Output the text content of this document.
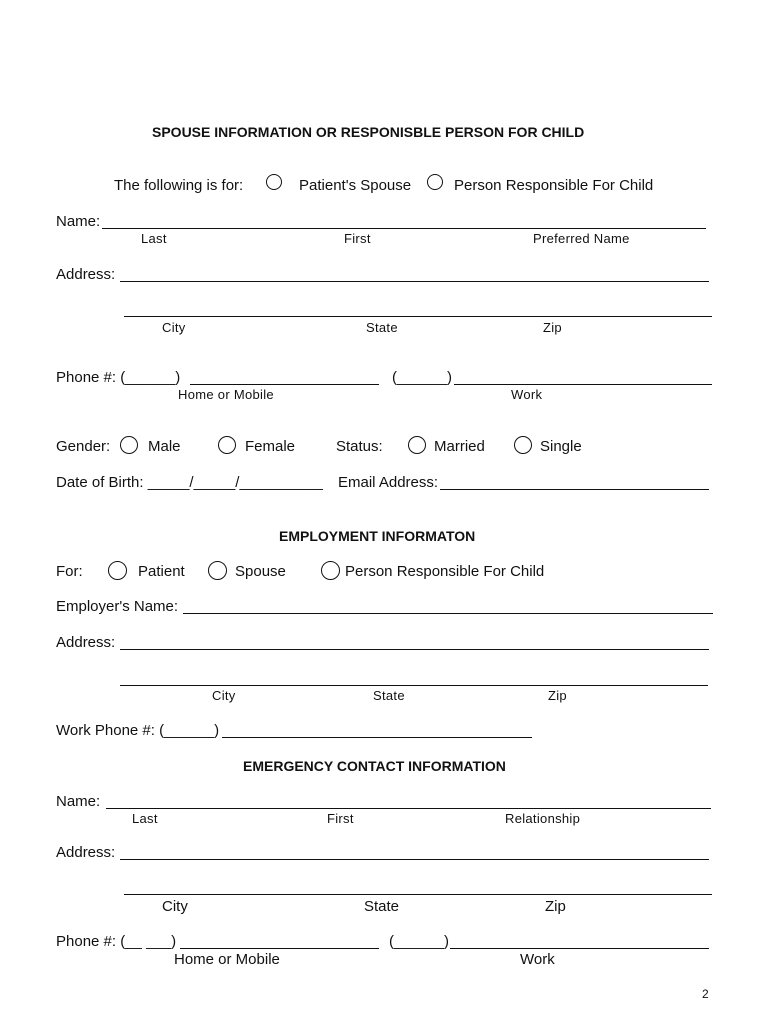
SPOUSE INFORMATION OR RESPONISBLE PERSON FOR CHILD
The following is for:	Patient's Spouse	Person Responsible For Child
Name:
Last	First	Preferred Name
Address:
City	State	Zip
Phone #: (______)	(______)
Home or Mobile	Work
Gender:	Male	Female	Status:	Married	Single
Date of Birth: _____/_____/__________ Email Address:
EMPLOYMENT INFORMATON
For:	Patient	Spouse	Person Responsible For Child
Employer's Name:
Address:
City	State	Zip
Work Phone #: (______)
EMERGENCY CONTACT INFORMATION
Name:
Last	First	Relationship
Address:
City	State	Zip
Phone #: (__ ___)	(______)
Home or Mobile	Work
2
